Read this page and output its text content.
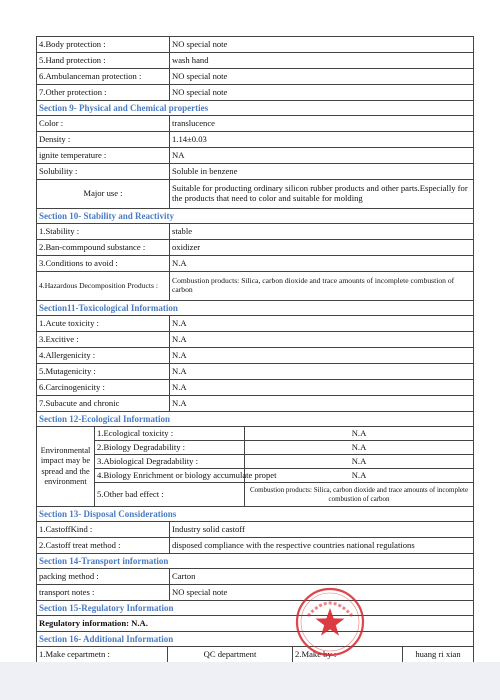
4.Body protection :	NO special note
5.Hand protection :	wash hand
6.Ambulanceman protection :	NO special note
7.Other protection :	NO special note
Section 9- Physical and Chemical properties
Color :	translucence
Density :	1.14±0.03
ignite temperature :	NA
Solubility :	Soluble in benzene
Major use :	Suitable for producting ordinary silicon rubber products and other parts.Especially for the products that need to color and suitable for molding
Section 10- Stability and Reactivity
1.Stability :	stable
2.Ban-commpound substance :	oxidizer
3.Conditions to avoid :	N.A
4.Hazardous Decomposition Products :	Combustion products: Silica, carbon dioxide and trace amounts of incomplete combustion of carbon
Section11-Toxicological Information
1.Acute toxicity :	N.A
3.Excitive :	N.A
4.Allergenicity :	N.A
5.Mutagenicity :	N.A
6.Carcinogenicity :	N.A
7.Subacute and chronic	N.A
Section 12-Ecological Information
Environmental impact may be spread and the environment	1.Ecological toxicity :	N.A
	2.Biology Degradability :	N.A
	3.Abiological Degradability :	N.A
	4.Biology Enrichment or biology accumulate propet	N.A
	5.Other bad effect :	Combustion products: Silica, carbon dioxide and trace amounts of incomplete combustion of carbon
Section 13- Disposal Considerations
1.CastoffKind :	Industry solid castoff
2.Castoff treat method :	disposed compliance with the respective countries national regulations
Section 14-Transport information
packing method :	Carton
transport notes :	NO special note
Section 15-Regulatory Information
Regulatory information: N.A.
Section 16- Additional Information
1.Make cepartmetn :	QC department	2.Make by :	huang ri xian
